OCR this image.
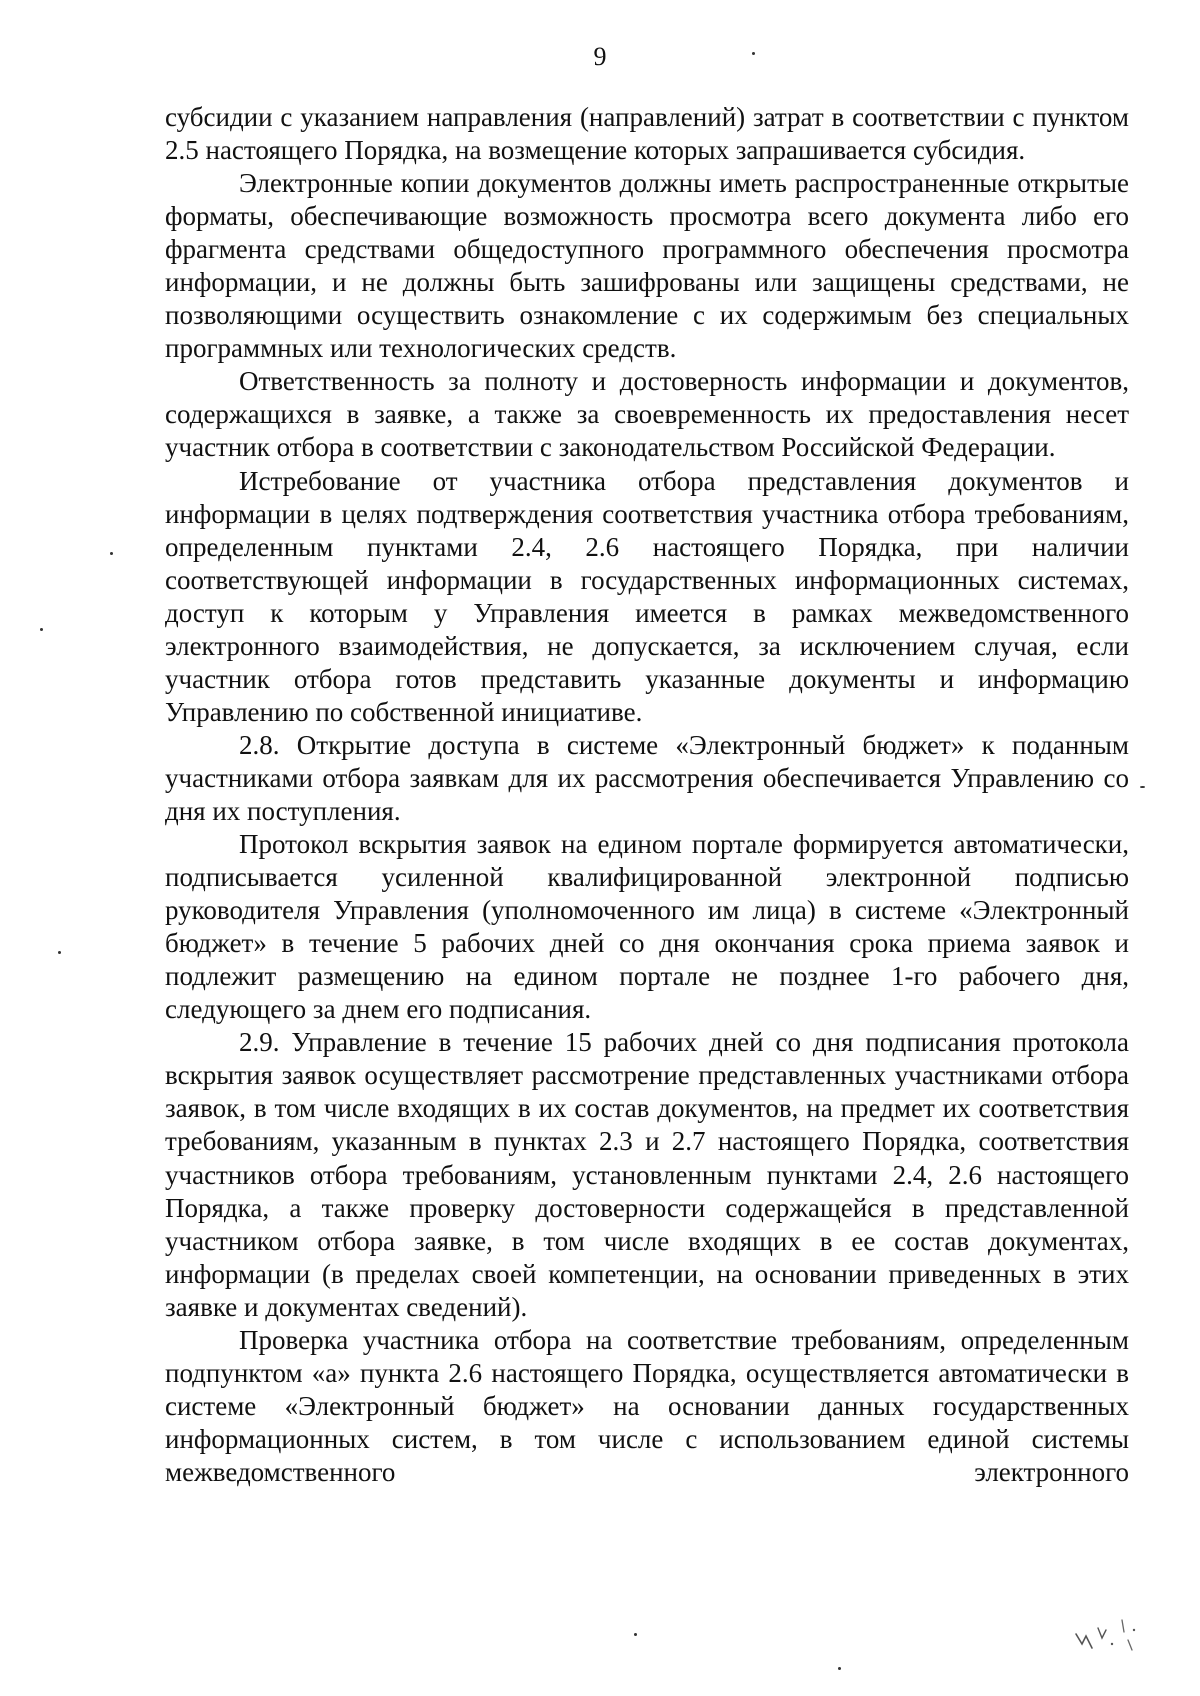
9

субсидии с указанием направления (направлений) затрат в соответствии с пунктом 2.5 настоящего Порядка, на возмещение которых запрашивается субсидия.

Электронные копии документов должны иметь распространенные открытые форматы, обеспечивающие возможность просмотра всего документа либо его фрагмента средствами общедоступного программного обеспечения просмотра информации, и не должны быть зашифрованы или защищены средствами, не позволяющими осуществить ознакомление с их содержимым без специальных программных или технологических средств.

Ответственность за полноту и достоверность информации и документов, содержащихся в заявке, а также за своевременность их предоставления несет участник отбора в соответствии с законодательством Российской Федерации.

Истребование от участника отбора представления документов и информации в целях подтверждения соответствия участника отбора требованиям, определенным пунктами 2.4, 2.6 настоящего Порядка, при наличии соответствующей информации в государственных информационных системах, доступ к которым у Управления имеется в рамках межведомственного электронного взаимодействия, не допускается, за исключением случая, если участник отбора готов представить указанные документы и информацию Управлению по собственной инициативе.

2.8. Открытие доступа в системе «Электронный бюджет» к поданным участниками отбора заявкам для их рассмотрения обеспечивается Управлению со дня их поступления.

Протокол вскрытия заявок на едином портале формируется автоматически, подписывается усиленной квалифицированной электронной подписью руководителя Управления (уполномоченного им лица) в системе «Электронный бюджет» в течение 5 рабочих дней со дня окончания срока приема заявок и подлежит размещению на едином портале не позднее 1-го рабочего дня, следующего за днем его подписания.

2.9. Управление в течение 15 рабочих дней со дня подписания протокола вскрытия заявок осуществляет рассмотрение представленных участниками отбора заявок, в том числе входящих в их состав документов, на предмет их соответствия требованиям, указанным в пунктах 2.3 и 2.7 настоящего Порядка, соответствия участников отбора требованиям, установленным пунктами 2.4, 2.6 настоящего Порядка, а также проверку достоверности содержащейся в представленной участником отбора заявке, в том числе входящих в ее состав документах, информации (в пределах своей компетенции, на основании приведенных в этих заявке и документах сведений).

Проверка участника отбора на соответствие требованиям, определенным подпунктом «а» пункта 2.6 настоящего Порядка, осуществляется автоматически в системе «Электронный бюджет» на основании данных государственных информационных систем, в том числе с использованием единой системы межведомственного электронного
